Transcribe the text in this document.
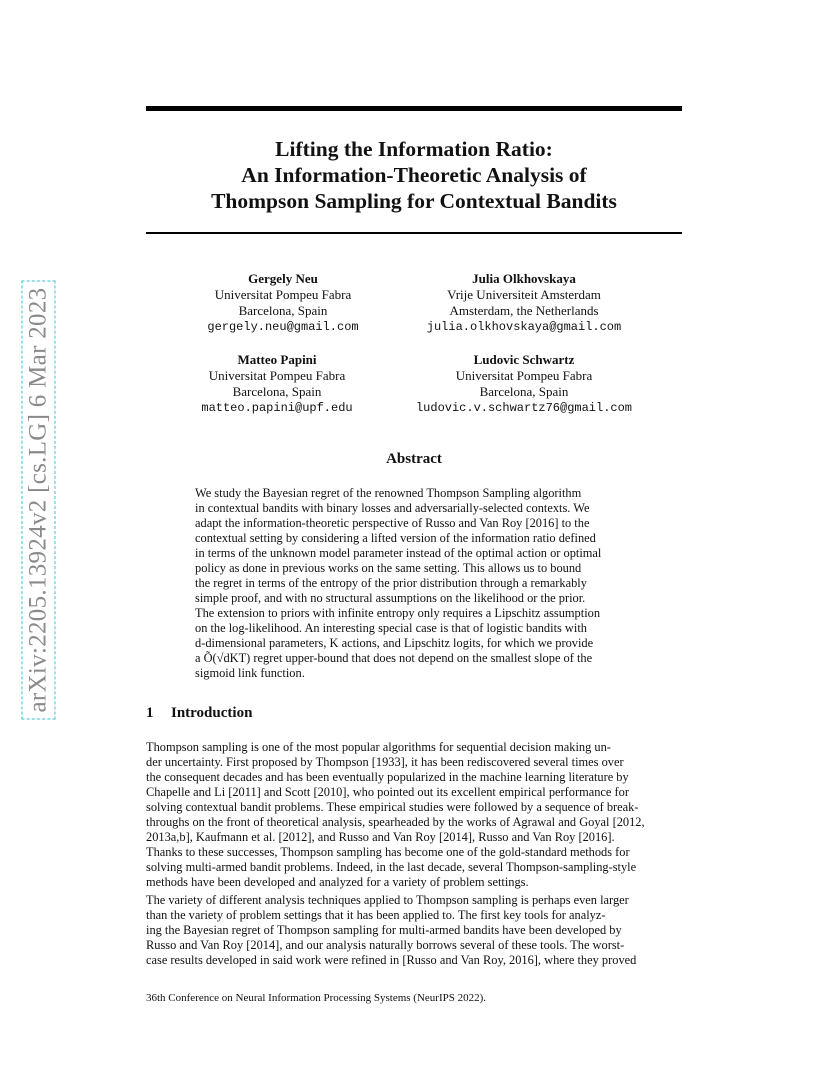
arXiv:2205.13924v2 [cs.LG] 6 Mar 2023
Lifting the Information Ratio:
An Information-Theoretic Analysis of
Thompson Sampling for Contextual Bandits
Gergely Neu
Universitat Pompeu Fabra
Barcelona, Spain
gergely.neu@gmail.com
Julia Olkhovskaya
Vrije Universiteit Amsterdam
Amsterdam, the Netherlands
julia.olkhovskaya@gmail.com
Matteo Papini
Universitat Pompeu Fabra
Barcelona, Spain
matteo.papini@upf.edu
Ludovic Schwartz
Universitat Pompeu Fabra
Barcelona, Spain
ludovic.v.schwartz76@gmail.com
Abstract
We study the Bayesian regret of the renowned Thompson Sampling algorithm
in contextual bandits with binary losses and adversarially-selected contexts. We
adapt the information-theoretic perspective of Russo and Van Roy [2016] to the
contextual setting by considering a lifted version of the information ratio defined
in terms of the unknown model parameter instead of the optimal action or optimal
policy as done in previous works on the same setting. This allows us to bound
the regret in terms of the entropy of the prior distribution through a remarkably
simple proof, and with no structural assumptions on the likelihood or the prior.
The extension to priors with infinite entropy only requires a Lipschitz assumption
on the log-likelihood. An interesting special case is that of logistic bandits with
d-dimensional parameters, K actions, and Lipschitz logits, for which we provide
a Õ(√dKT) regret upper-bound that does not depend on the smallest slope of the
sigmoid link function.
1 Introduction
Thompson sampling is one of the most popular algorithms for sequential decision making un-
der uncertainty. First proposed by Thompson [1933], it has been rediscovered several times over
the consequent decades and has been eventually popularized in the machine learning literature by
Chapelle and Li [2011] and Scott [2010], who pointed out its excellent empirical performance for
solving contextual bandit problems. These empirical studies were followed by a sequence of break-
throughs on the front of theoretical analysis, spearheaded by the works of Agrawal and Goyal [2012,
2013a,b], Kaufmann et al. [2012], and Russo and Van Roy [2014], Russo and Van Roy [2016].
Thanks to these successes, Thompson sampling has become one of the gold-standard methods for
solving multi-armed bandit problems. Indeed, in the last decade, several Thompson-sampling-style
methods have been developed and analyzed for a variety of problem settings.
The variety of different analysis techniques applied to Thompson sampling is perhaps even larger
than the variety of problem settings that it has been applied to. The first key tools for analyz-
ing the Bayesian regret of Thompson sampling for multi-armed bandits have been developed by
Russo and Van Roy [2014], and our analysis naturally borrows several of these tools. The worst-
case results developed in said work were refined in [Russo and Van Roy, 2016], where they proved

36th Conference on Neural Information Processing Systems (NeurIPS 2022).
